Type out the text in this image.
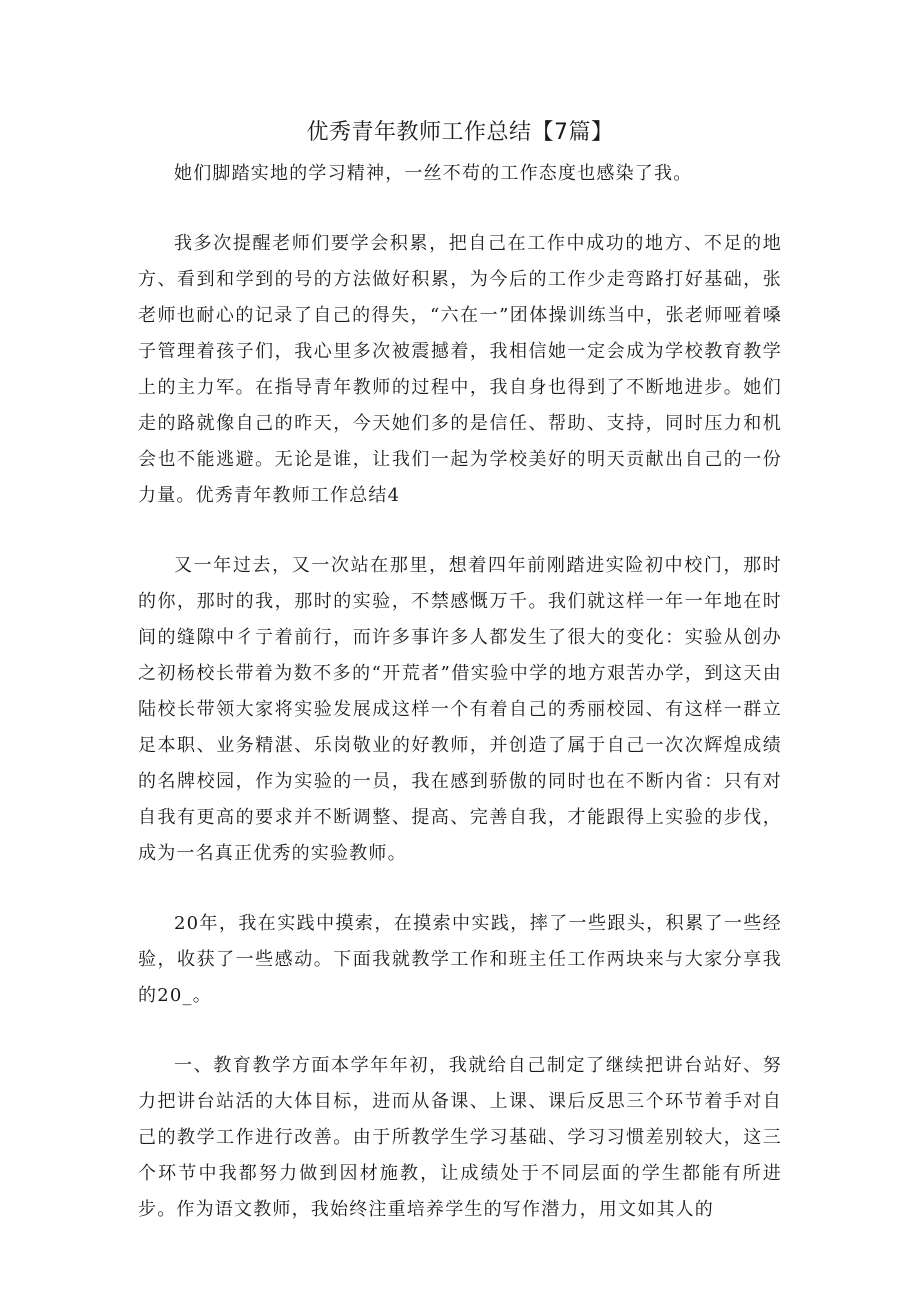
优秀青年教师工作总结【7篇】

她们脚踏实地的学习精神，一丝不苟的工作态度也感染了我。

我多次提醒老师们要学会积累，把自己在工作中成功的地方、不足的地方、看到和学到的号的方法做好积累，为今后的工作少走弯路打好基础，张老师也耐心的记录了自己的得失，“六在一”团体操训练当中，张老师哑着嗓子管理着孩子们，我心里多次被震撼着，我相信她一定会成为学校教育教学上的主力军。在指导青年教师的过程中，我自身也得到了不断地进步。她们走的路就像自己的昨天，今天她们多的是信任、帮助、支持，同时压力和机会也不能逃避。无论是谁，让我们一起为学校美好的明天贡献出自己的一份力量。优秀青年教师工作总结4

又一年过去，又一次站在那里，想着四年前刚踏进实险初中校门，那时的你，那时的我，那时的实验，不禁感慨万千。我们就这样一年一年地在时间的缝隙中彳亍着前行，而许多事许多人都发生了很大的变化：实验从创办之初杨校长带着为数不多的“开荒者”借实验中学的地方艰苦办学，到这天由陆校长带领大家将实验发展成这样一个有着自己的秀丽校园、有这样一群立足本职、业务精湛、乐岗敬业的好教师，并创造了属于自己一次次辉煌成绩的名牌校园，作为实验的一员，我在感到骄傲的同时也在不断内省：只有对自我有更高的要求并不断调整、提高、完善自我，才能跟得上实验的步伐，成为一名真正优秀的实验教师。

20年，我在实践中摸索，在摸索中实践，摔了一些跟头，积累了一些经验，收获了一些感动。下面我就教学工作和班主任工作两块来与大家分享我的20_。

一、教育教学方面本学年年初，我就给自己制定了继续把讲台站好、努力把讲台站活的大体目标，进而从备课、上课、课后反思三个环节着手对自己的教学工作进行改善。由于所教学生学习基础、学习习惯差别较大，这三个环节中我都努力做到因材施教，让成绩处于不同层面的学生都能有所进步。作为语文教师，我始终注重培养学生的写作潜力，用文如其人的
